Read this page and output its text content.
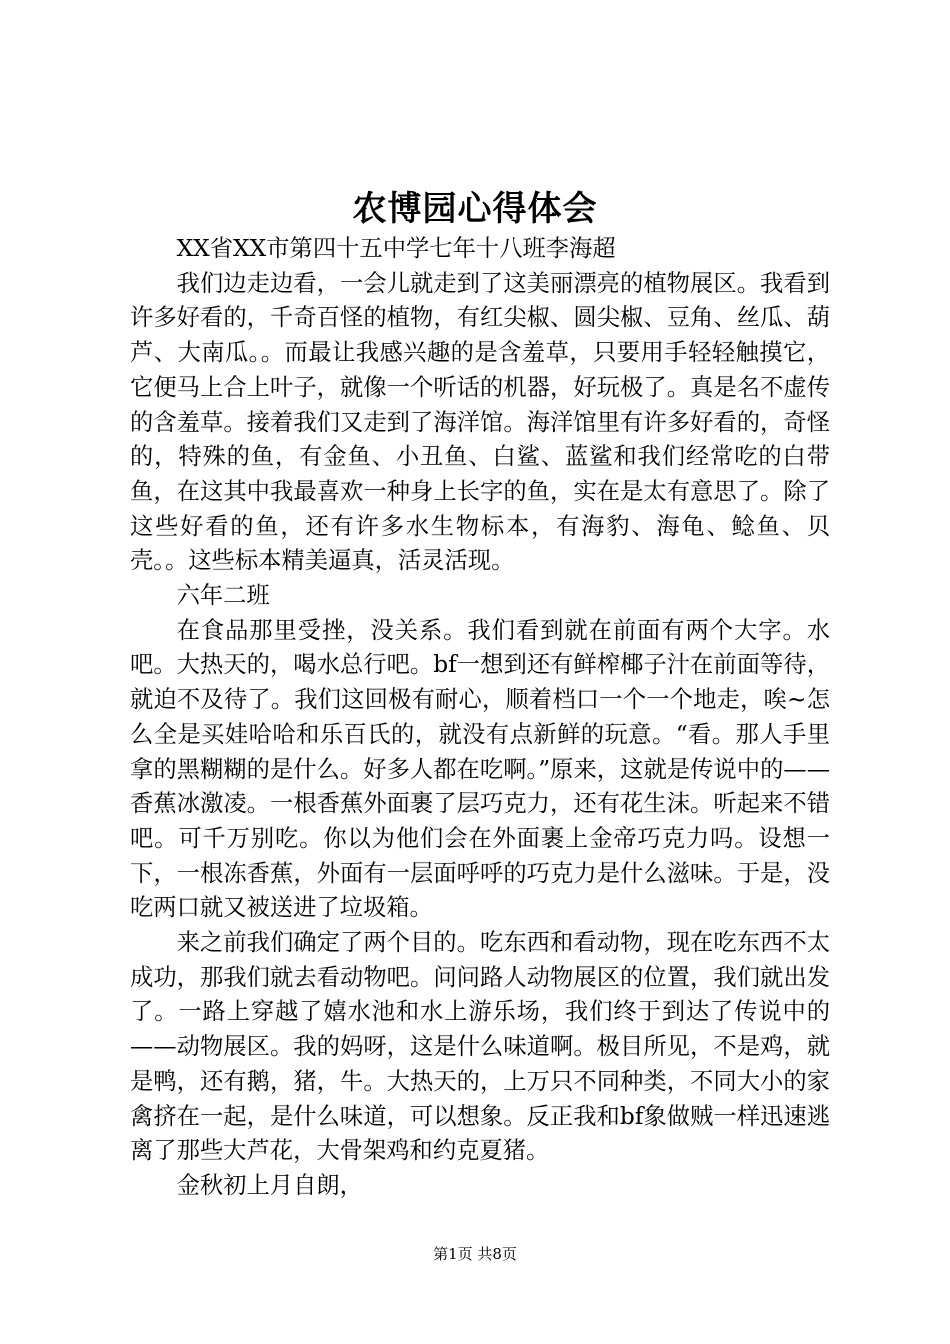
农博园心得体会

XX省XX市第四十五中学七年十八班李海超

我们边走边看，一会儿就走到了这美丽漂亮的植物展区。我看到许多好看的，千奇百怪的植物，有红尖椒、圆尖椒、豆角、丝瓜、葫芦、大南瓜。。而最让我感兴趣的是含羞草，只要用手轻轻触摸它，它便马上合上叶子，就像一个听话的机器，好玩极了。真是名不虚传的含羞草。接着我们又走到了海洋馆。海洋馆里有许多好看的，奇怪的，特殊的鱼，有金鱼、小丑鱼、白鲨、蓝鲨和我们经常吃的白带鱼，在这其中我最喜欢一种身上长字的鱼，实在是太有意思了。除了这些好看的鱼，还有许多水生物标本，有海豹、海龟、鲶鱼、贝壳。。这些标本精美逼真，活灵活现。

六年二班

在食品那里受挫，没关系。我们看到就在前面有两个大字。水吧。大热天的，喝水总行吧。bf一想到还有鲜榨椰子汁在前面等待，就迫不及待了。我们这回极有耐心，顺着档口一个一个地走，唉~怎么全是买娃哈哈和乐百氏的，就没有点新鲜的玩意。“看。那人手里拿的黑糊糊的是什么。好多人都在吃啊。”原来，这就是传说中的——香蕉冰激凌。一根香蕉外面裹了层巧克力，还有花生沫。听起来不错吧。可千万别吃。你以为他们会在外面裹上金帝巧克力吗。设想一下，一根冻香蕉，外面有一层面呼呼的巧克力是什么滋味。于是，没吃两口就又被送进了垃圾箱。

来之前我们确定了两个目的。吃东西和看动物，现在吃东西不太成功，那我们就去看动物吧。问问路人动物展区的位置，我们就出发了。一路上穿越了嬉水池和水上游乐场，我们终于到达了传说中的——动物展区。我的妈呀，这是什么味道啊。极目所见，不是鸡，就是鸭，还有鹅，猪，牛。大热天的，上万只不同种类，不同大小的家禽挤在一起，是什么味道，可以想象。反正我和bf象做贼一样迅速逃离了那些大芦花，大骨架鸡和约克夏猪。

金秋初上月自朗，

第1页 共8页
